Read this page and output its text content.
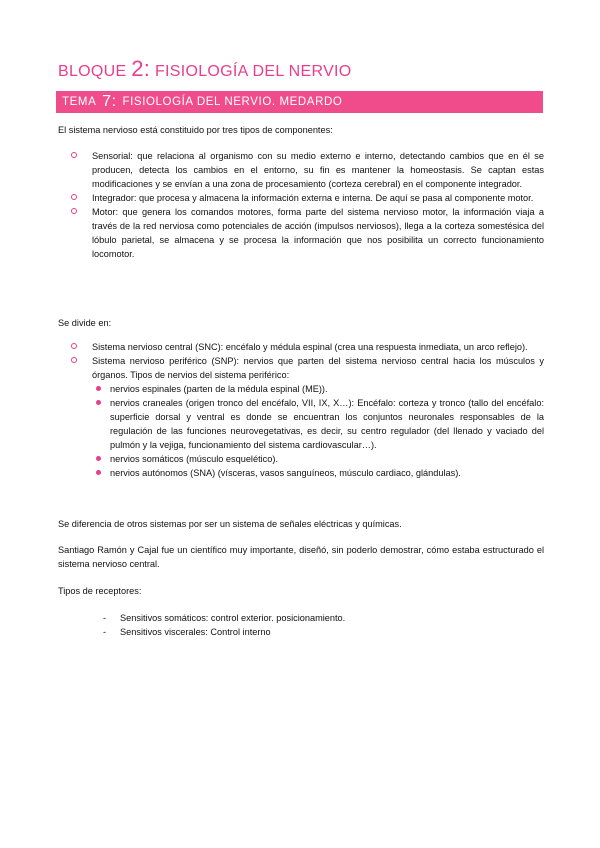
BLOQUE 2: FISIOLOGÍA DEL NERVIO
TEMA
7:
FISIOLOGÍA DEL NERVIO. MEDARDO

El sistema nervioso está constituido por tres tipos de componentes:

Sensorial: que relaciona al organismo con su medio externo e interno, detectando cambios que en él se producen, detecta los cambios en el entorno, su fin es mantener la homeostasis. Se captan estas modificaciones y se envían a una zona de procesamiento (corteza cerebral) en el componente integrador.
Integrador: que procesa y almacena la información externa e interna. De aquí se pasa al componente motor.
Motor: que genera los comandos motores, forma parte del sistema nervioso motor, la información viaja a través de la red nerviosa como potenciales de acción (impulsos nerviosos), llega a la corteza somestésica del lóbulo parietal, se almacena y se procesa la información que nos posibilita un correcto funcionamiento locomotor.

Se divide en:

Sistema nervioso central (SNC): encéfalo y médula espinal (crea una respuesta inmediata, un arco reflejo).
Sistema nervioso periférico (SNP): nervios que parten del sistema nervioso central hacia los músculos y órganos. Tipos de nervios del sistema periférico:
nervios espinales (parten de la médula espinal (ME)).
nervios craneales (origen tronco del encéfalo, VII, IX, X…): Encéfalo: corteza y tronco (tallo del encéfalo: superficie dorsal y ventral es donde se encuentran los conjuntos neuronales responsables de la regulación de las funciones neurovegetativas, es decir, su centro regulador (del llenado y vaciado del pulmón y la vejiga, funcionamiento del sistema cardiovascular…).
nervios somáticos (músculo esquelético).
nervios autónomos (SNA) (vísceras, vasos sanguíneos, músculo cardiaco, glándulas).

Se diferencia de otros sistemas por ser un sistema de señales eléctricas y químicas.

Santiago Ramón y Cajal fue un científico muy importante, diseñó, sin poderlo demostrar, cómo estaba estructurado el sistema nervioso central.

Tipos de receptores:

- Sensitivos somáticos: control exterior. posicionamiento.
- Sensitivos viscerales: Control interno
